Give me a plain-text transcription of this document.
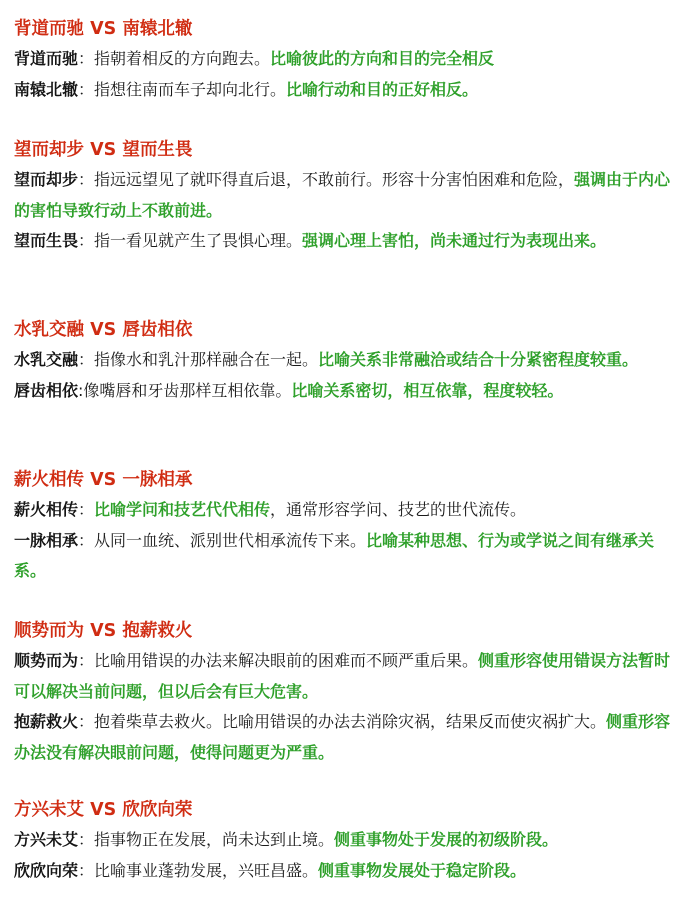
背道而驰 VS 南辕北辙

背道而驰：指朝着相反的方向跑去。比喻彼此的方向和目的完全相反

南辕北辙：指想往南而车子却向北行。比喻行动和目的正好相反。

望而却步 VS 望而生畏

望而却步：指远远望见了就吓得直后退，不敢前行。形容十分害怕困难和危险，强调由于内心的害怕导致行动上不敢前进。

望而生畏：指一看见就产生了畏惧心理。强调心理上害怕，尚未通过行为表现出来。

水乳交融 VS 唇齿相依

水乳交融：指像水和乳汁那样融合在一起。比喻关系非常融洽或结合十分紧密程度较重。

唇齿相依:像嘴唇和牙齿那样互相依靠。比喻关系密切，相互依靠，程度较轻。

薪火相传 VS 一脉相承

薪火相传：比喻学问和技艺代代相传，通常形容学问、技艺的世代流传。

一脉相承：从同一血统、派别世代相承流传下来。比喻某种思想、行为或学说之间有继承关系。

顺势而为 VS 抱薪救火

顺势而为：比喻用错误的办法来解决眼前的困难而不顾严重后果。侧重形容使用错误方法暂时可以解决当前问题，但以后会有巨大危害。

抱薪救火：抱着柴草去救火。比喻用错误的办法去消除灾祸，结果反而使灾祸扩大。侧重形容办法没有解决眼前问题，使得问题更为严重。

方兴未艾 VS 欣欣向荣

方兴未艾：指事物正在发展，尚未达到止境。侧重事物处于发展的初级阶段。

欣欣向荣：比喻事业蓬勃发展，兴旺昌盛。侧重事物发展处于稳定阶段。
